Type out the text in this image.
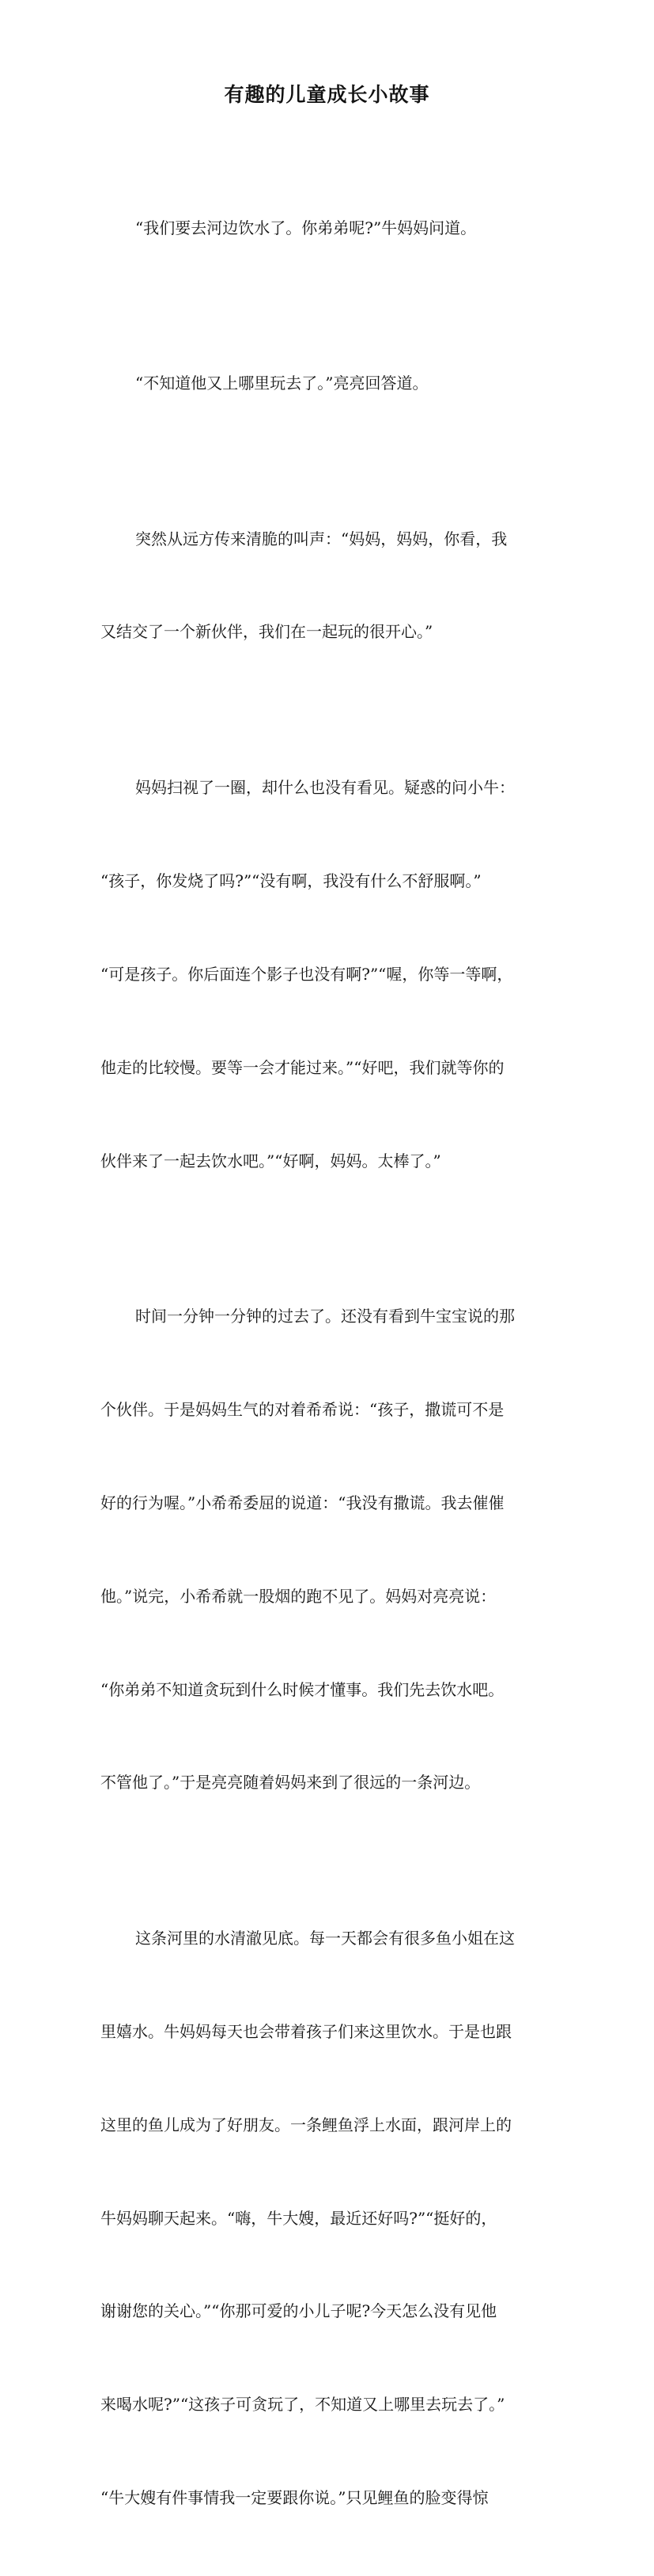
有趣的儿童成长小故事

“我们要去河边饮水了。你弟弟呢?”牛妈妈问道。

“不知道他又上哪里玩去了。”亮亮回答道。

突然从远方传来清脆的叫声：“妈妈，妈妈，你看，我

又结交了一个新伙伴，我们在一起玩的很开心。”

妈妈扫视了一圈，却什么也没有看见。疑惑的问小牛：

“孩子，你发烧了吗?”“没有啊，我没有什么不舒服啊。”

“可是孩子。你后面连个影子也没有啊?”“喔，你等一等啊，

他走的比较慢。要等一会才能过来。”“好吧，我们就等你的

伙伴来了一起去饮水吧。”“好啊，妈妈。太棒了。”

时间一分钟一分钟的过去了。还没有看到牛宝宝说的那

个伙伴。于是妈妈生气的对着希希说：“孩子，撒谎可不是

好的行为喔。”小希希委屈的说道：“我没有撒谎。我去催催

他。”说完，小希希就一股烟的跑不见了。妈妈对亮亮说：

“你弟弟不知道贪玩到什么时候才懂事。我们先去饮水吧。

不管他了。”于是亮亮随着妈妈来到了很远的一条河边。

这条河里的水清澈见底。每一天都会有很多鱼小姐在这

里嬉水。牛妈妈每天也会带着孩子们来这里饮水。于是也跟

这里的鱼儿成为了好朋友。一条鲤鱼浮上水面，跟河岸上的

牛妈妈聊天起来。“嗨，牛大嫂，最近还好吗?”“挺好的，

谢谢您的关心。”“你那可爱的小儿子呢?今天怎么没有见他

来喝水呢?”“这孩子可贪玩了，不知道又上哪里去玩去了。”

“牛大嫂有件事情我一定要跟你说。”只见鲤鱼的脸变得惊
